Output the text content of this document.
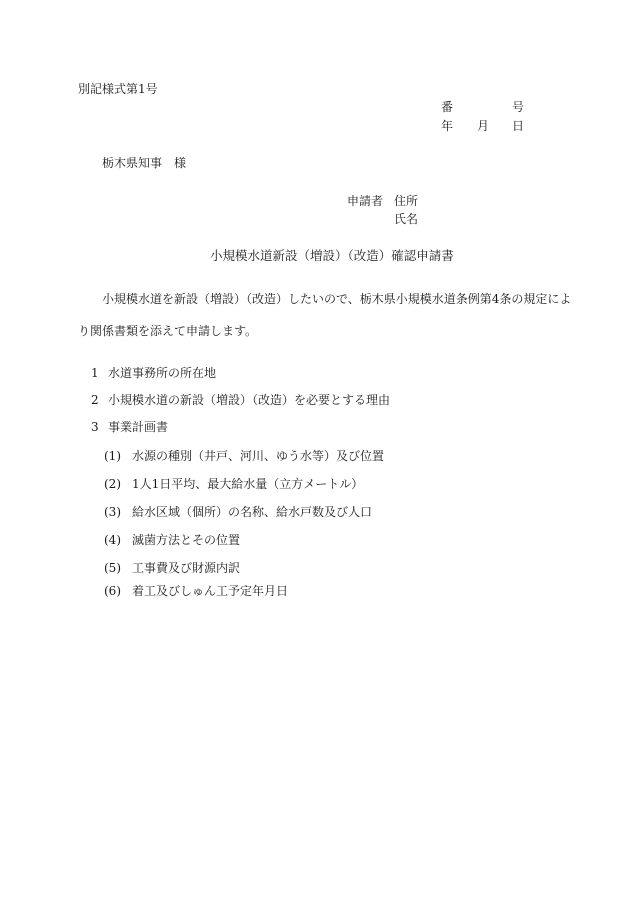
別記様式第1号
番	号
年 月 日
栃木県知事　様
申請者 住所
氏名
小規模水道新設（増設）（改造）確認申請書
小規模水道を新設（増設）（改造）したいので、栃木県小規模水道条例第4条の規定によ
り関係書類を添えて申請します。
1 水道事務所の所在地
2 小規模水道の新設（増設）（改造）を必要とする理由
3 事業計画書
(1) 水源の種別（井戸、河川、ゆう水等）及び位置
(2) 1人1日平均、最大給水量（立方メートル）
(3) 給水区域（個所）の名称、給水戸数及び人口
(4) 滅菌方法とその位置
(5) 工事費及び財源内訳
(6) 着工及びしゅん工予定年月日
